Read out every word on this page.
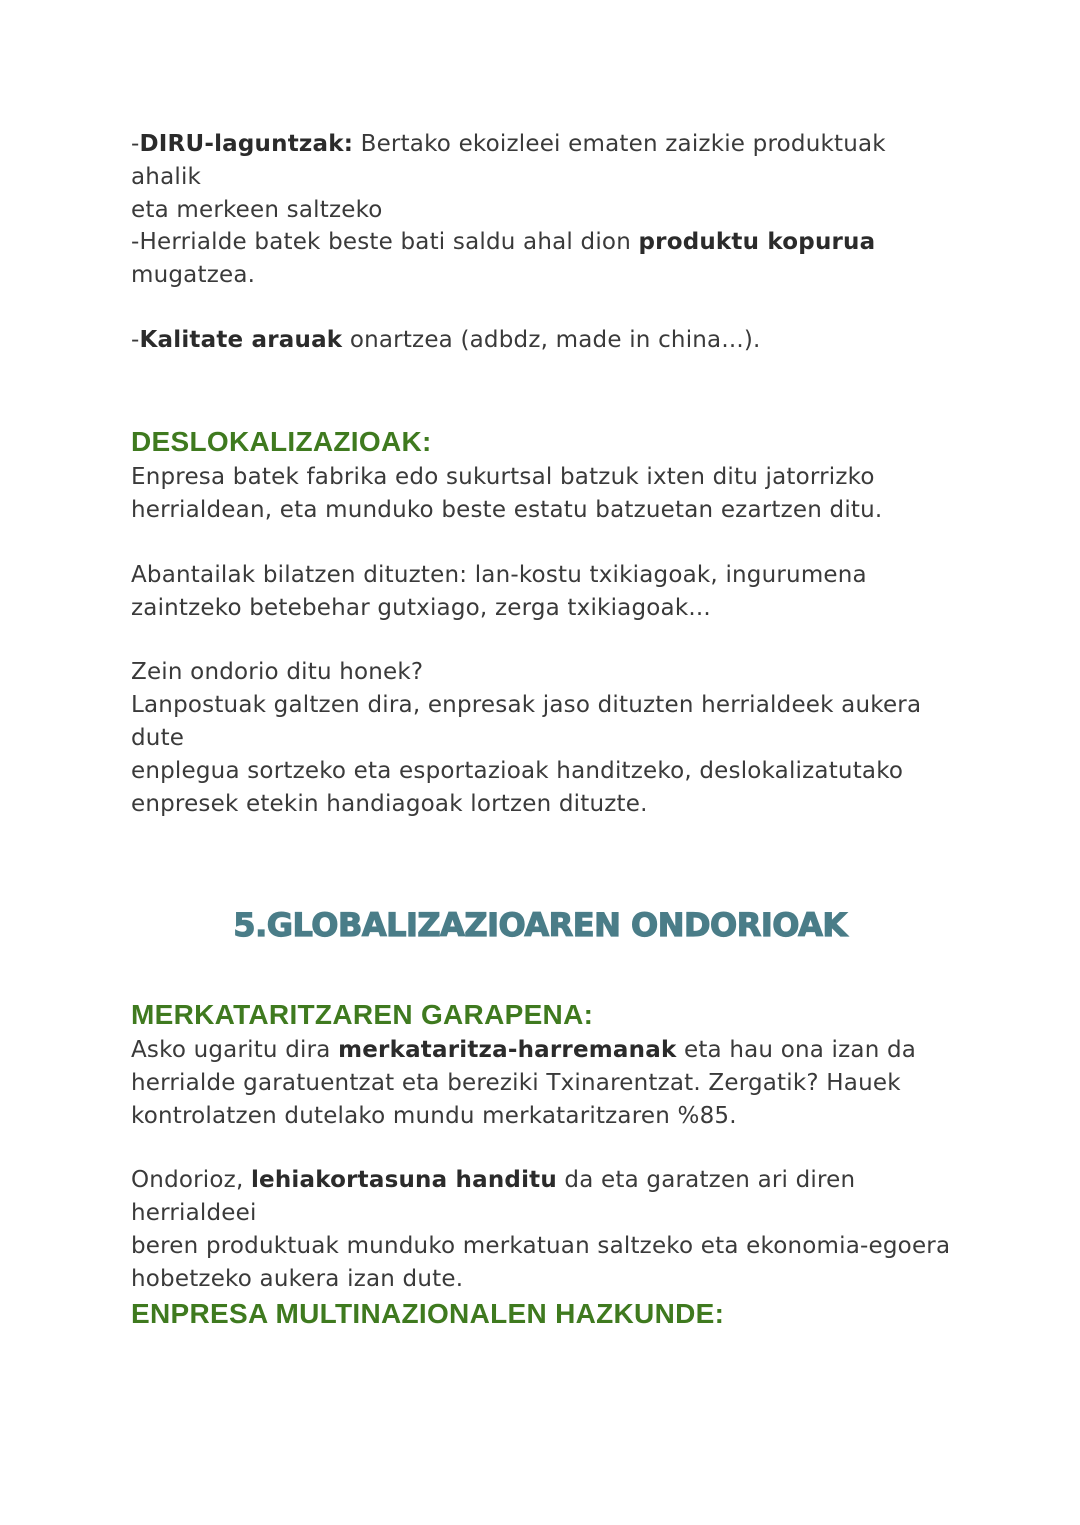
-DIRU-laguntzak: Bertako ekoizleei ematen zaizkie produktuak ahalik
eta merkeen saltzeko

-Herrialde batek beste bati saldu ahal dion produktu kopurua
mugatzea.

-Kalitate arauak onartzea (adbdz, made in china...).

DESLOKALIZAZIOAK:

Enpresa batek fabrika edo sukurtsal batzuk ixten ditu jatorrizko
herrialdean, eta munduko beste estatu batzuetan ezartzen ditu.

Abantailak bilatzen dituzten: lan-kostu txikiagoak, ingurumena
zaintzeko betebehar gutxiago, zerga txikiagoak...

Zein ondorio ditu honek?
Lanpostuak galtzen dira, enpresak jaso dituzten herrialdeek aukera dute
enplegua sortzeko eta esportazioak handitzeko, deslokalizatutako
enpresek etekin handiagoak lortzen dituzte.

5.GLOBALIZAZIOAREN ONDORIOAK
MERKATARITZAREN GARAPENA:

Asko ugaritu dira merkataritza-harremanak eta hau ona izan da
herrialde garatuentzat eta bereziki Txinarentzat. Zergatik? Hauek
kontrolatzen dutelako mundu merkataritzaren %85.

Ondorioz, lehiakortasuna handitu da eta garatzen ari diren herrialdeei
beren produktuak munduko merkatuan saltzeko eta ekonomia-egoera
hobetzeko aukera izan dute.

ENPRESA MULTINAZIONALEN HAZKUNDE:
